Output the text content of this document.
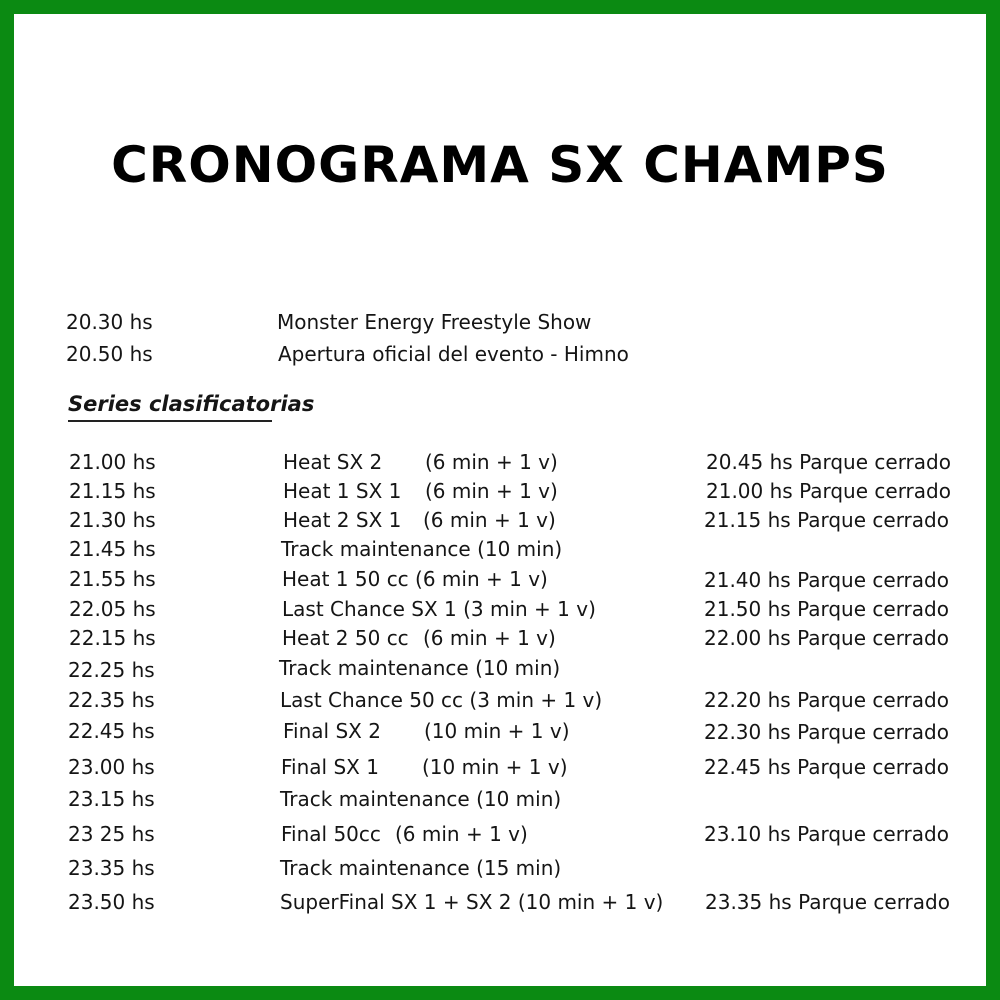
CRONOGRAMA SX CHAMPS
20.30 hs	Monster Energy Freestyle Show
20.50 hs	Apertura oficial del evento - Himno
Series clasificatorias
21.00 hs	Heat SX 2 (6 min + 1 v)	20.45 hs Parque cerrado
21.15 hs	Heat 1 SX 1 (6 min + 1 v)	21.00 hs Parque cerrado
21.30 hs	Heat 2 SX 1 (6 min + 1 v)	21.15 hs Parque cerrado
21.45 hs	Track maintenance (10 min)
21.55 hs	Heat 1 50 cc (6 min + 1 v)	21.40 hs Parque cerrado
22.05 hs	Last Chance SX 1 (3 min + 1 v)	21.50 hs Parque cerrado
22.15 hs	Heat 2 50 cc (6 min + 1 v)	22.00 hs Parque cerrado
22.25 hs	Track maintenance (10 min)
22.35 hs	Last Chance 50 cc (3 min + 1 v)	22.20 hs Parque cerrado
22.45 hs	Final SX 2 (10 min + 1 v)	22.30 hs Parque cerrado
23.00 hs	Final SX 1 (10 min + 1 v)	22.45 hs Parque cerrado
23.15 hs	Track maintenance (10 min)
23 25 hs	Final 50cc (6 min + 1 v)	23.10 hs Parque cerrado
23.35 hs	Track maintenance (15 min)
23.50 hs	SuperFinal SX 1 + SX 2 (10 min + 1 v) 23.35 hs Parque cerrado
